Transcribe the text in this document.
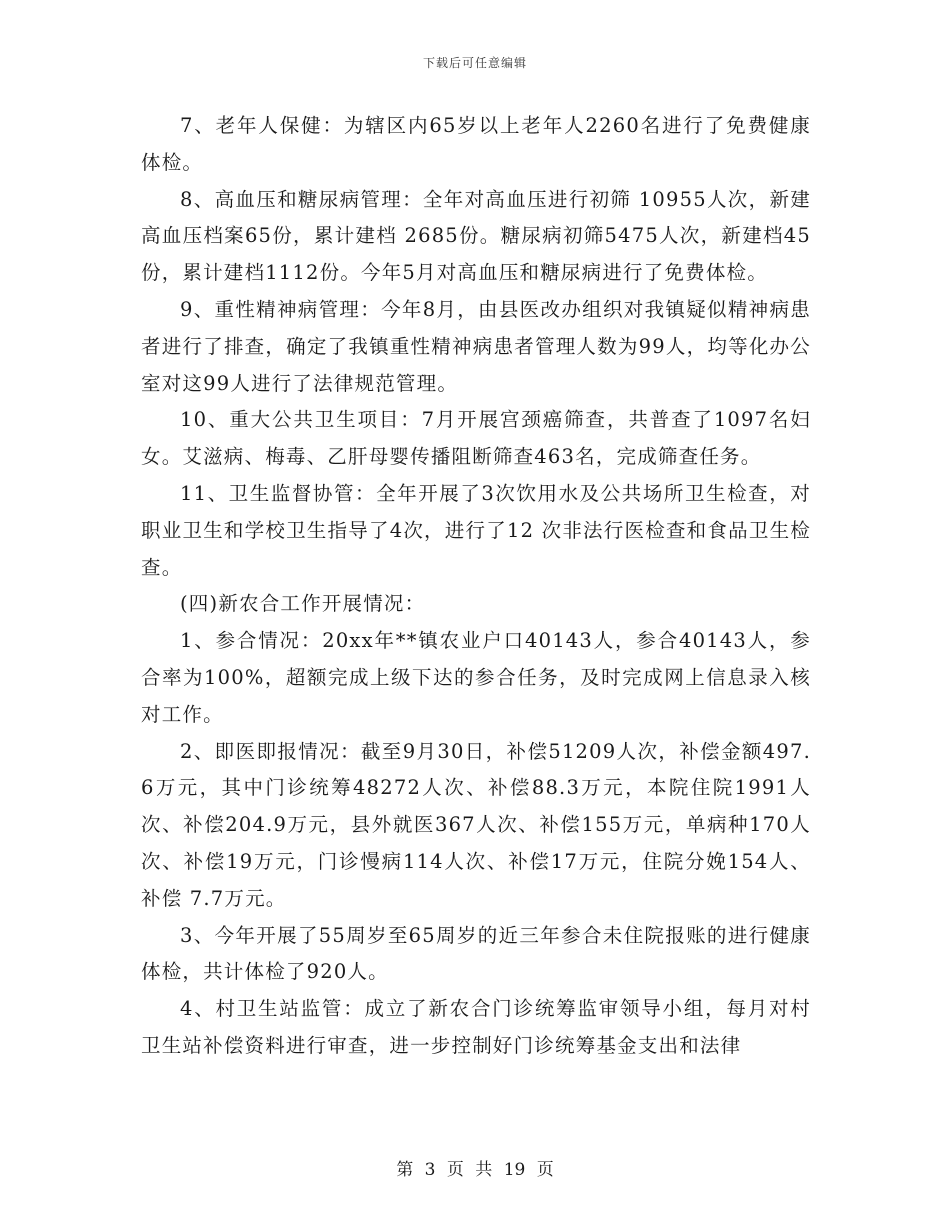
下载后可任意编辑

7、老年人保健：为辖区内65岁以上老年人2260名进行了免费健康体检。

8、高血压和糖尿病管理：全年对高血压进行初筛 10955人次，新建高血压档案65份，累计建档 2685份。糖尿病初筛5475人次，新建档45份，累计建档1112份。今年5月对高血压和糖尿病进行了免费体检。

9、重性精神病管理：今年8月，由县医改办组织对我镇疑似精神病患者进行了排查，确定了我镇重性精神病患者管理人数为99人，均等化办公室对这99人进行了法律规范管理。

10、重大公共卫生项目：7月开展宫颈癌筛查，共普查了1097名妇女。艾滋病、梅毒、乙肝母婴传播阻断筛查463名，完成筛查任务。

11、卫生监督协管：全年开展了3次饮用水及公共场所卫生检查，对职业卫生和学校卫生指导了4次，进行了12 次非法行医检查和食品卫生检查。

(四)新农合工作开展情况：

1、参合情况：20xx年**镇农业户口40143人，参合40143人，参合率为100%，超额完成上级下达的参合任务，及时完成网上信息录入核对工作。

2、即医即报情况：截至9月30日，补偿51209人次，补偿金额497.6万元，其中门诊统筹48272人次、补偿88.3万元，本院住院1991人次、补偿204.9万元，县外就医367人次、补偿155万元，单病种170人次、补偿19万元，门诊慢病114人次、补偿17万元，住院分娩154人、补偿 7.7万元。

3、今年开展了55周岁至65周岁的近三年参合未住院报账的进行健康体检，共计体检了920人。

4、村卫生站监管：成立了新农合门诊统筹监审领导小组，每月对村卫生站补偿资料进行审查，进一步控制好门诊统筹基金支出和法律

第 3 页 共 19 页
